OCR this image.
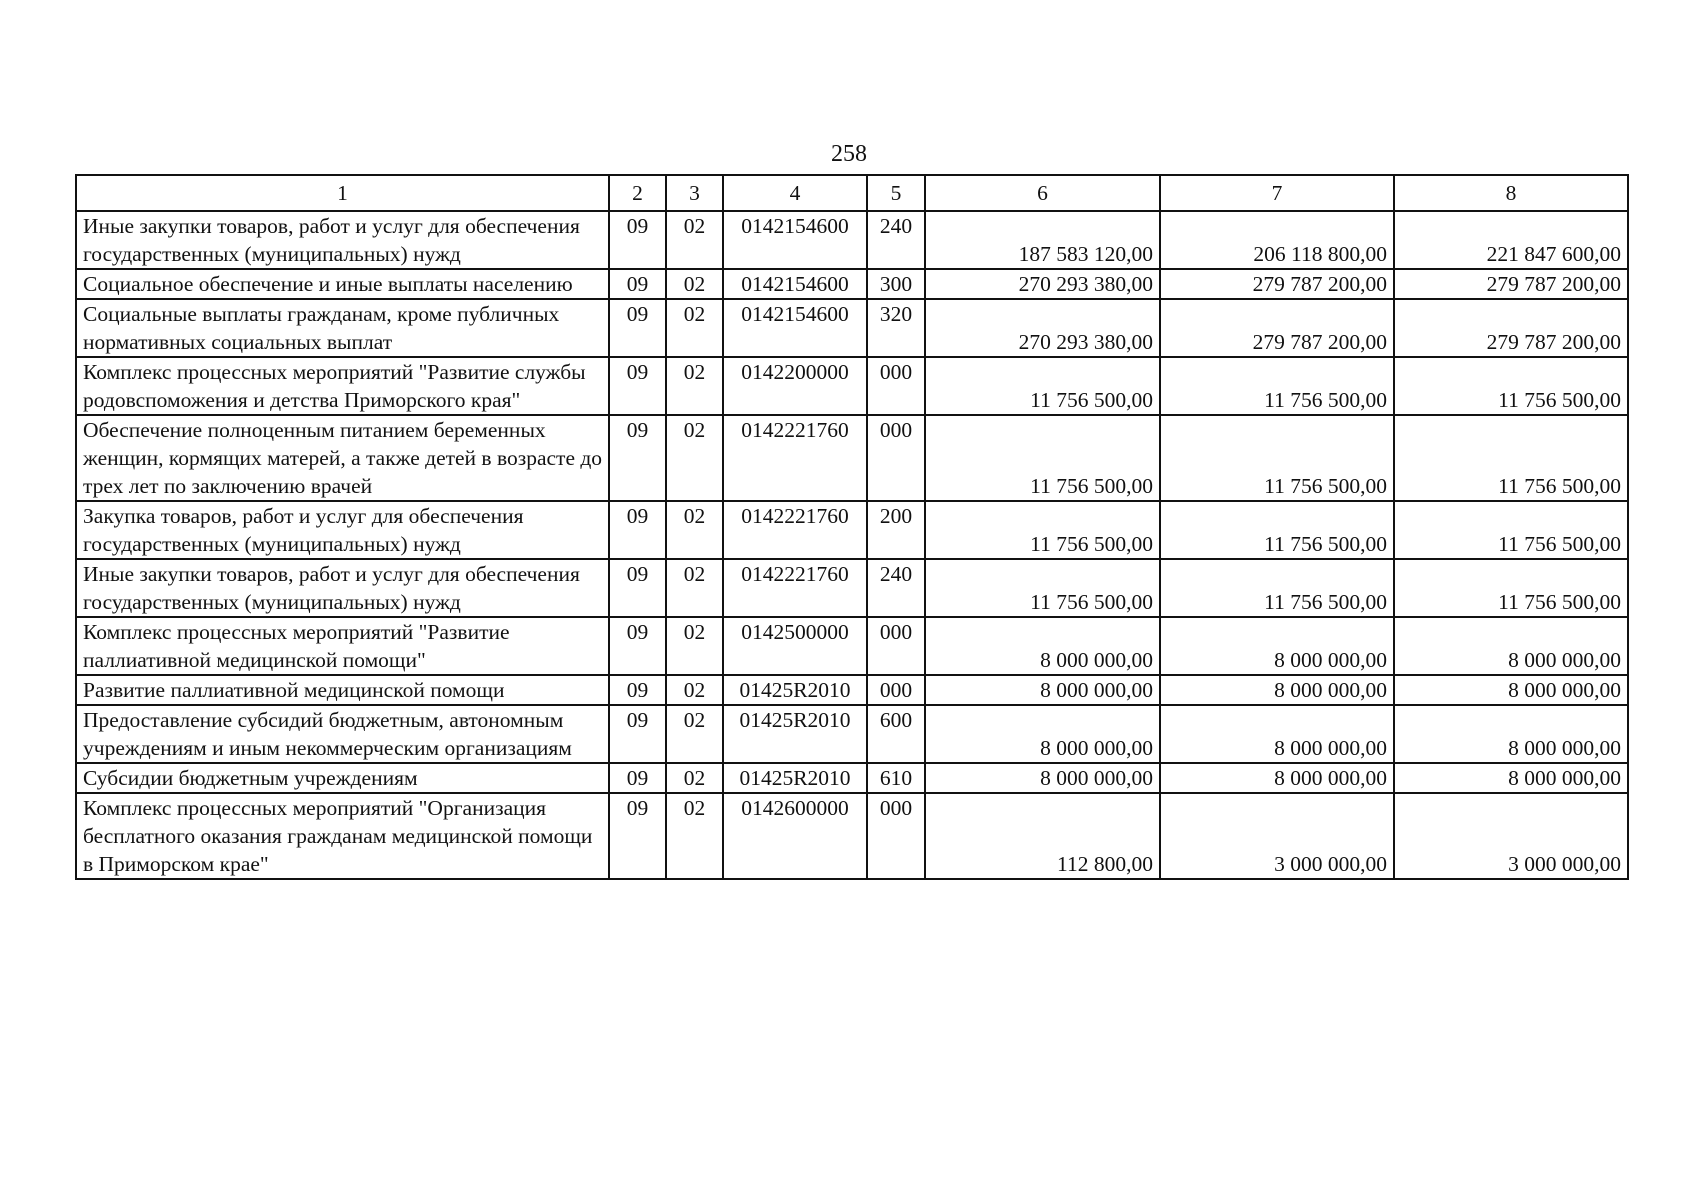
258
1	2	3	4	5	6	7	8
Иные закупки товаров, работ и услуг для обеспечения государственных (муниципальных) нужд	09	02	0142154600	240	187 583 120,00	206 118 800,00	221 847 600,00
Социальное обеспечение и иные выплаты населению	09	02	0142154600	300	270 293 380,00	279 787 200,00	279 787 200,00
Социальные выплаты гражданам, кроме публичных нормативных социальных выплат	09	02	0142154600	320	270 293 380,00	279 787 200,00	279 787 200,00
Комплекс процессных мероприятий "Развитие службы родовспоможения и детства Приморского края"	09	02	0142200000	000	11 756 500,00	11 756 500,00	11 756 500,00
Обеспечение полноценным питанием беременных женщин, кормящих матерей, а также детей в возрасте до трех лет по заключению врачей	09	02	0142221760	000	11 756 500,00	11 756 500,00	11 756 500,00
Закупка товаров, работ и услуг для обеспечения государственных (муниципальных) нужд	09	02	0142221760	200	11 756 500,00	11 756 500,00	11 756 500,00
Иные закупки товаров, работ и услуг для обеспечения государственных (муниципальных) нужд	09	02	0142221760	240	11 756 500,00	11 756 500,00	11 756 500,00
Комплекс процессных мероприятий "Развитие паллиативной медицинской помощи"	09	02	0142500000	000	8 000 000,00	8 000 000,00	8 000 000,00
Развитие паллиативной медицинской помощи	09	02	01425R2010	000	8 000 000,00	8 000 000,00	8 000 000,00
Предоставление субсидий бюджетным, автономным учреждениям и иным некоммерческим организациям	09	02	01425R2010	600	8 000 000,00	8 000 000,00	8 000 000,00
Субсидии бюджетным учреждениям	09	02	01425R2010	610	8 000 000,00	8 000 000,00	8 000 000,00
Комплекс процессных мероприятий "Организация бесплатного оказания гражданам медицинской помощи в Приморском крае"	09	02	0142600000	000	112 800,00	3 000 000,00	3 000 000,00
